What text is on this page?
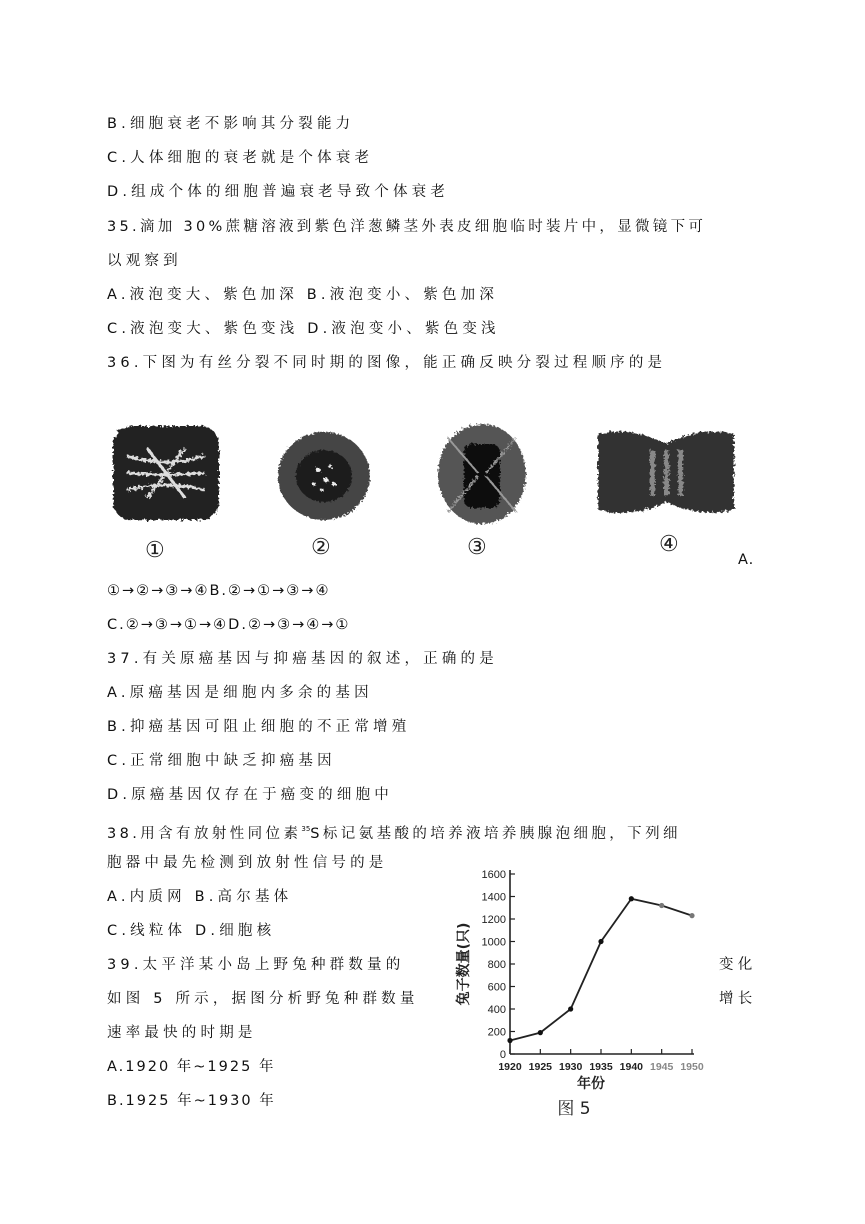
B.细胞衰老不影响其分裂能力
C.人体细胞的衰老就是个体衰老
D.组成个体的细胞普遍衰老导致个体衰老
35.滴加 30%蔗糖溶液到紫色洋葱鳞茎外表皮细胞临时装片中，显微镜下可
以观察到
A.液泡变大、紫色加深 B.液泡变小、紫色加深
C.液泡变大、紫色变浅 D.液泡变小、紫色变浅
36.下图为有丝分裂不同时期的图像，能正确反映分裂过程顺序的是
①	②	③	④
A.
①→②→③→④B.②→①→③→④
C.②→③→①→④D.②→③→④→①
37.有关原癌基因与抑癌基因的叙述，正确的是
A.原癌基因是细胞内多余的基因
B.抑癌基因可阻止细胞的不正常增殖
C.正常细胞中缺乏抑癌基因
D.原癌基因仅存在于癌变的细胞中
38.用含有放射性同位素$^{35}$S标记氨基酸的培养液培养胰腺泡细胞，下列细
胞器中最先检测到放射性信号的是
A.内质网 B.高尔基体
C.线粒体 D.细胞核
39.太平洋某小岛上野兔种群数量的	变化
如图 5 所示，据图分析野兔种群数量	增长
速率最快的时期是
A.1920 年~1925 年
B.1925 年~1930 年
0
200
400
600
800
1000
1200
1400
1600
1920 1925 1930 1935 1940 1945 1950
兔子数量(只)
年份
图 5
